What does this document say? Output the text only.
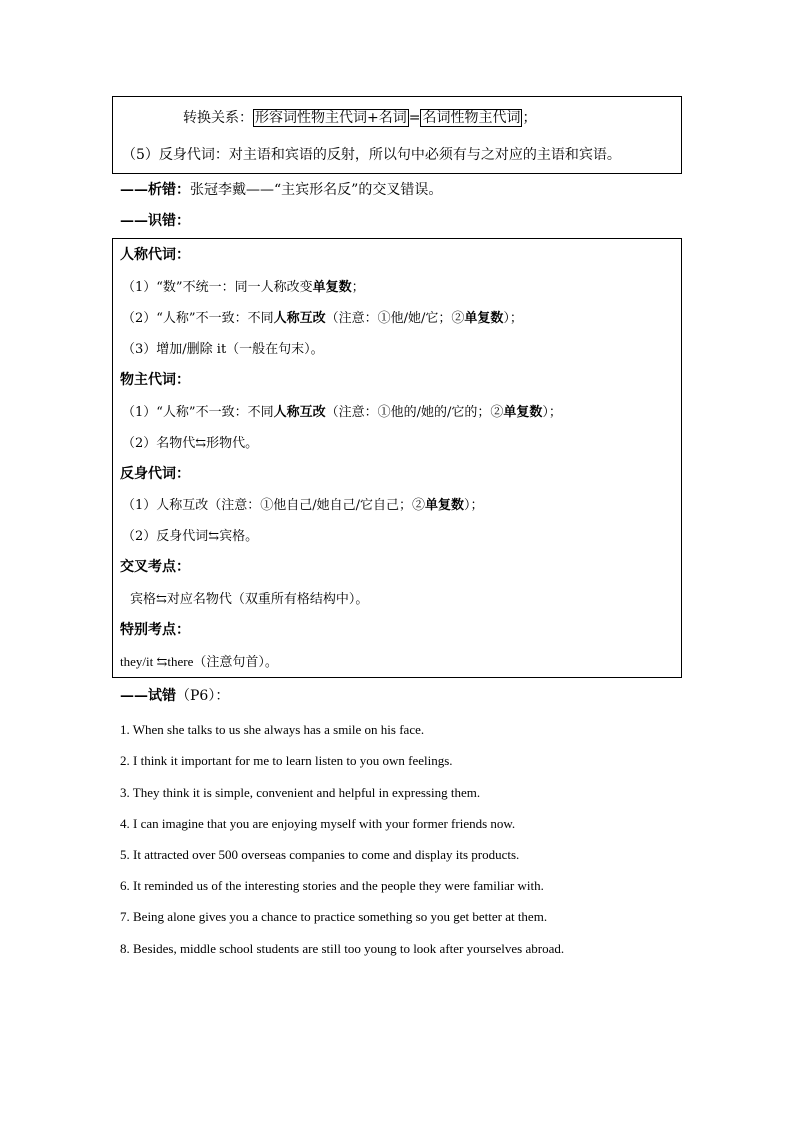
转换关系： 形容词性物主代词+名词 = 名词性物主代词 ；
（5）反身代词：对主语和宾语的反射，所以句中必须有与之对应的主语和宾语。
——析错：张冠李戴——“主宾形名反”的交叉错误。
——识错：
人称代词：
（1）“数”不统一：同一人称改变单复数；
（2）“人称”不一致：不同人称互改（注意：①他/她/它；②单复数）；
（3）增加/删除 it（一般在句末）。
物主代词：
（1）“人称”不一致：不同人称互改（注意：①他的/她的/它的；②单复数）；
（2）名物代⇆形物代。
反身代词：
（1）人称互改（注意：①他自己/她自己/它自己；②单复数）；
（2）反身代词⇆宾格。
交叉考点：
宾格⇆对应名物代（双重所有格结构中）。
特别考点：
they/it ⇆there（注意句首）。
——试错（P6）：
1. When she talks to us she always has a smile on his face.
2. I think it important for me to learn listen to you own feelings.
3. They think it is simple, convenient and helpful in expressing them.
4. I can imagine that you are enjoying myself with your former friends now.
5. It attracted over 500 overseas companies to come and display its products.
6. It reminded us of the interesting stories and the people they were familiar with.
7. Being alone gives you a chance to practice something so you get better at them.
8. Besides, middle school students are still too young to look after yourselves abroad.
